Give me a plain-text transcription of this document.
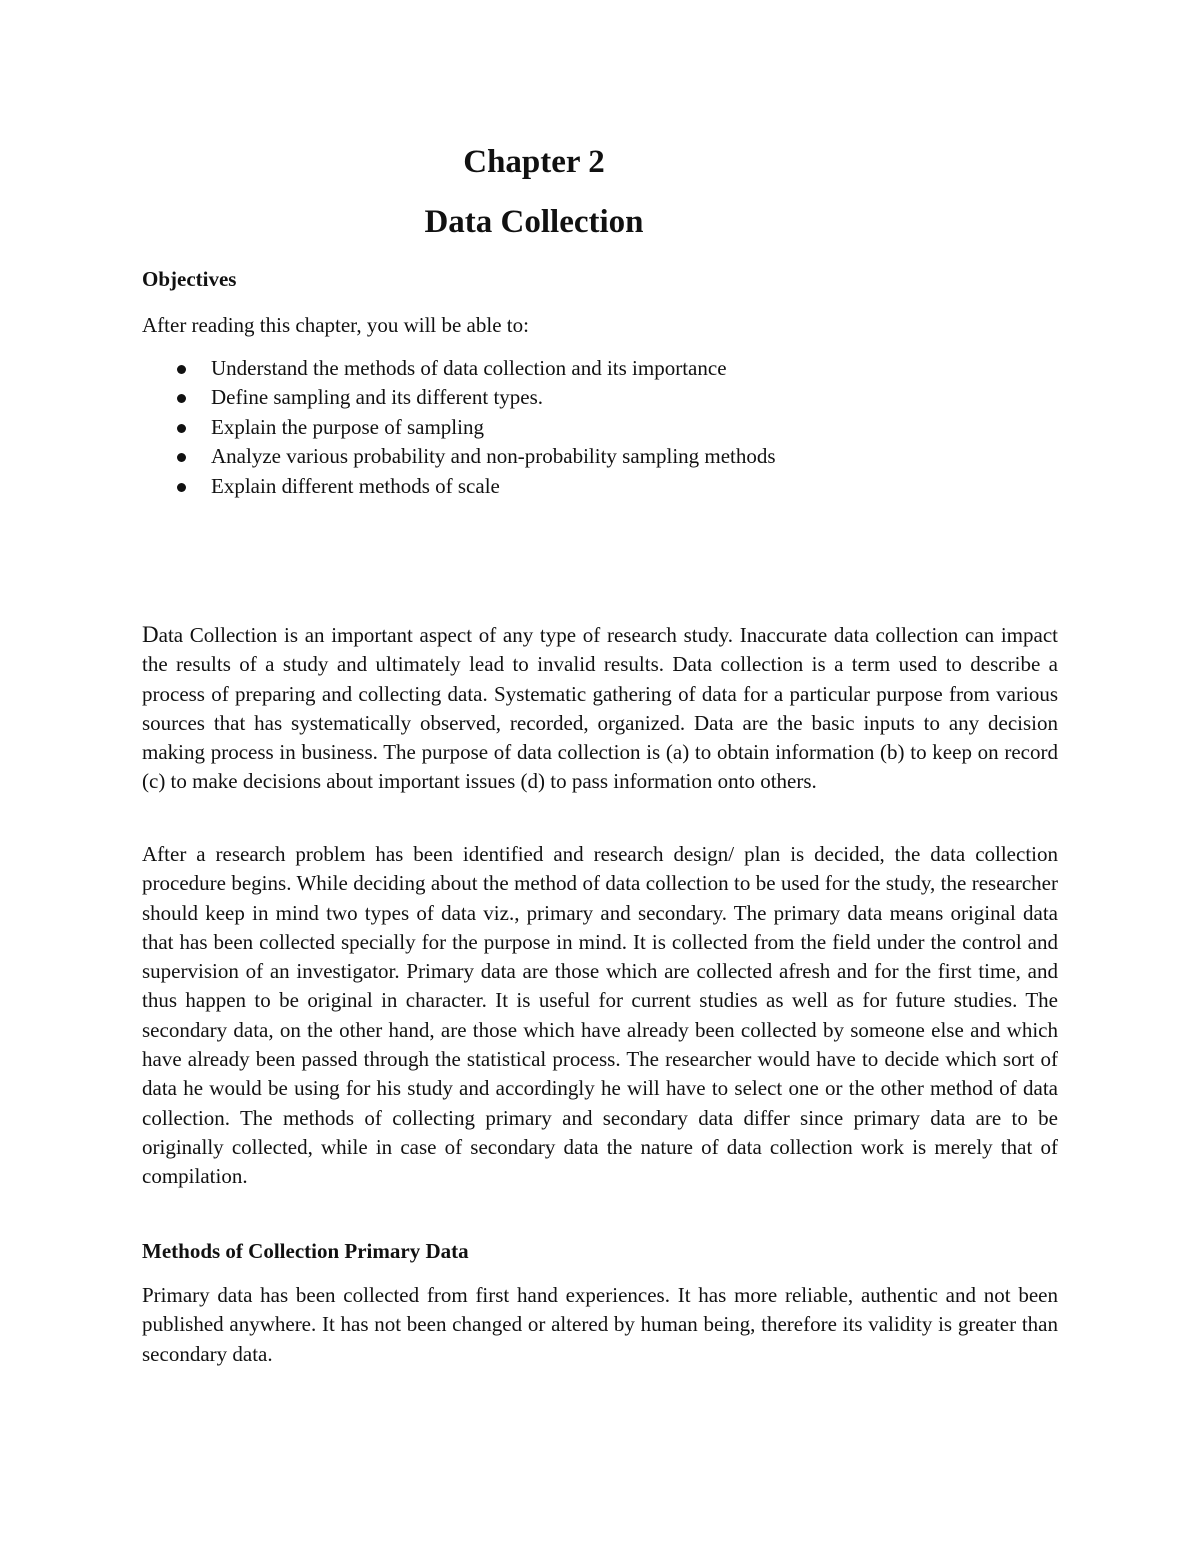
Chapter 2
Data Collection
Objectives

After reading this chapter, you will be able to:

Understand the methods of data collection and its importance
Define sampling and its different types.
Explain the purpose of sampling
Analyze various probability and non-probability sampling methods
Explain different methods of scale

Data Collection is an important aspect of any type of research study. Inaccurate data collection can impact the results of a study and ultimately lead to invalid results. Data collection is a term used to describe a process of preparing and collecting data. Systematic gathering of data for a particular purpose from various sources that has systematically observed, recorded, organized. Data are the basic inputs to any decision making process in business. The purpose of data collection is (a) to obtain information (b) to keep on record (c) to make decisions about important issues (d) to pass information onto others.

After a research problem has been identified and research design/ plan is decided, the data collection procedure begins. While deciding about the method of data collection to be used for the study, the researcher should keep in mind two types of data viz., primary and secondary. The primary data means original data that has been collected specially for the purpose in mind. It is collected from the field under the control and supervision of an investigator. Primary data are those which are collected afresh and for the first time, and thus happen to be original in character. It is useful for current studies as well as for future studies. The secondary data, on the other hand, are those which have already been collected by someone else and which have already been passed through the statistical process. The researcher would have to decide which sort of data he would be using for his study and accordingly he will have to select one or the other method of data collection. The methods of collecting primary and secondary data differ since primary data are to be originally collected, while in case of secondary data the nature of data collection work is merely that of compilation.

Methods of Collection Primary Data

Primary data has been collected from first hand experiences. It has more reliable, authentic and not been published anywhere. It has not been changed or altered by human being, therefore its validity is greater than secondary data.
